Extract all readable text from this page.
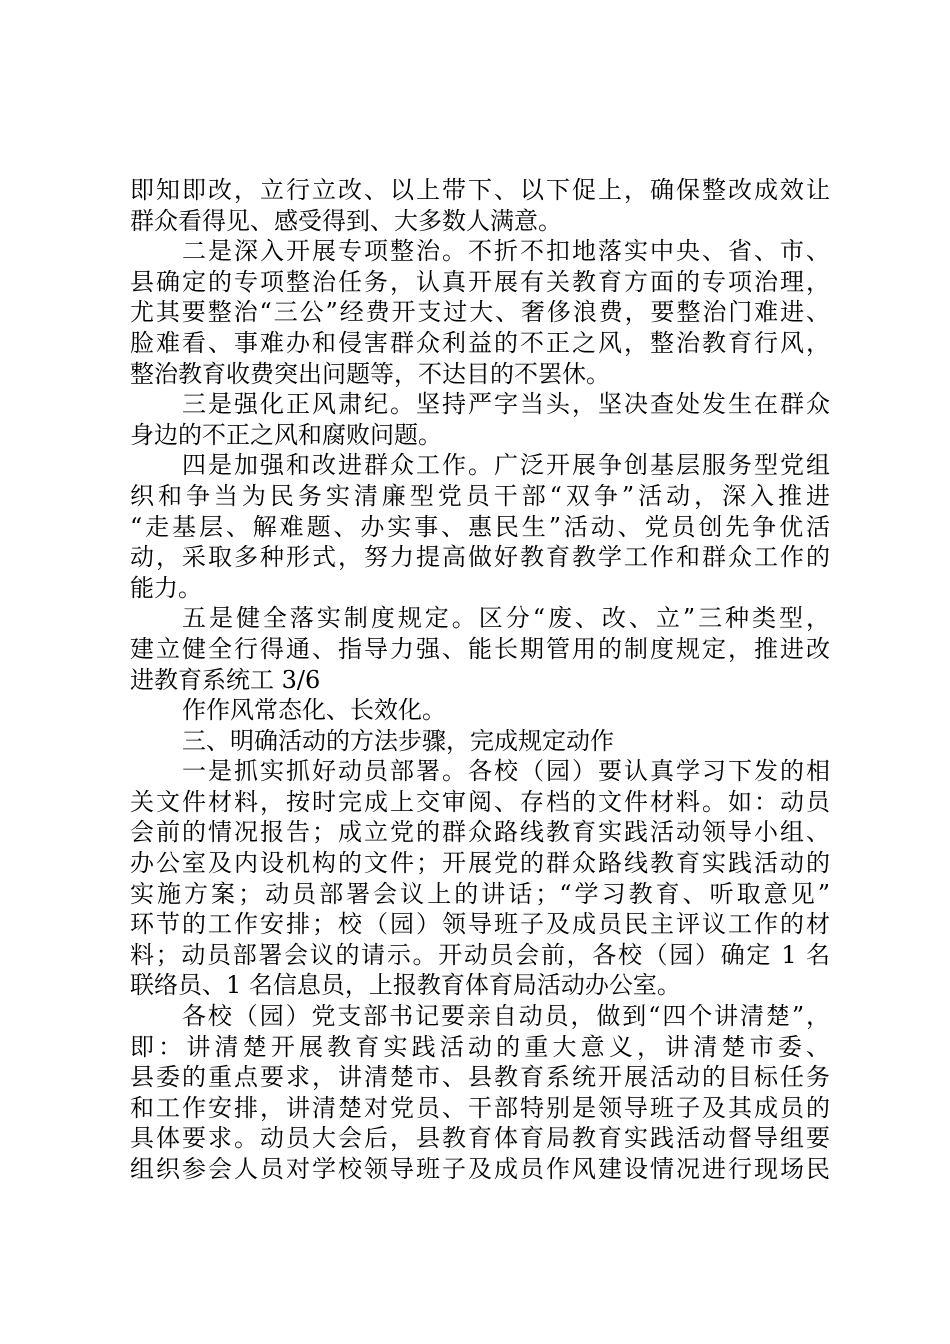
即知即改，立行立改、以上带下、以下促上，确保整改成效让
群众看得见、感受得到、大多数人满意。
二是深入开展专项整治。不折不扣地落实中央、省、市、
县确定的专项整治任务，认真开展有关教育方面的专项治理，
尤其要整治“三公”经费开支过大、奢侈浪费，要整治门难进、
脸难看、事难办和侵害群众利益的不正之风，整治教育行风，
整治教育收费突出问题等，不达目的不罢休。
三是强化正风肃纪。坚持严字当头，坚决查处发生在群众
身边的不正之风和腐败问题。
四是加强和改进群众工作。广泛开展争创基层服务型党组
织和争当为民务实清廉型党员干部“双争”活动，深入推进
“走基层、解难题、办实事、惠民生”活动、党员创先争优活
动，采取多种形式，努力提高做好教育教学工作和群众工作的
能力。
五是健全落实制度规定。区分“废、改、立”三种类型，
建立健全行得通、指导力强、能长期管用的制度规定，推进改
进教育系统工 3/6
作作风常态化、长效化。
三、明确活动的方法步骤，完成规定动作
一是抓实抓好动员部署。各校（园）要认真学习下发的相
关文件材料，按时完成上交审阅、存档的文件材料。如：动员
会前的情况报告；成立党的群众路线教育实践活动领导小组、
办公室及内设机构的文件；开展党的群众路线教育实践活动的
实施方案；动员部署会议上的讲话；“学习教育、听取意见”
环节的工作安排；校（园）领导班子及成员民主评议工作的材
料；动员部署会议的请示。开动员会前，各校（园）确定 1 名
联络员、1 名信息员，上报教育体育局活动办公室。
各校（园）党支部书记要亲自动员，做到“四个讲清楚”，
即：讲清楚开展教育实践活动的重大意义，讲清楚市委、
县委的重点要求，讲清楚市、县教育系统开展活动的目标任务
和工作安排，讲清楚对党员、干部特别是领导班子及其成员的
具体要求。动员大会后，县教育体育局教育实践活动督导组要
组织参会人员对学校领导班子及成员作风建设情况进行现场民
